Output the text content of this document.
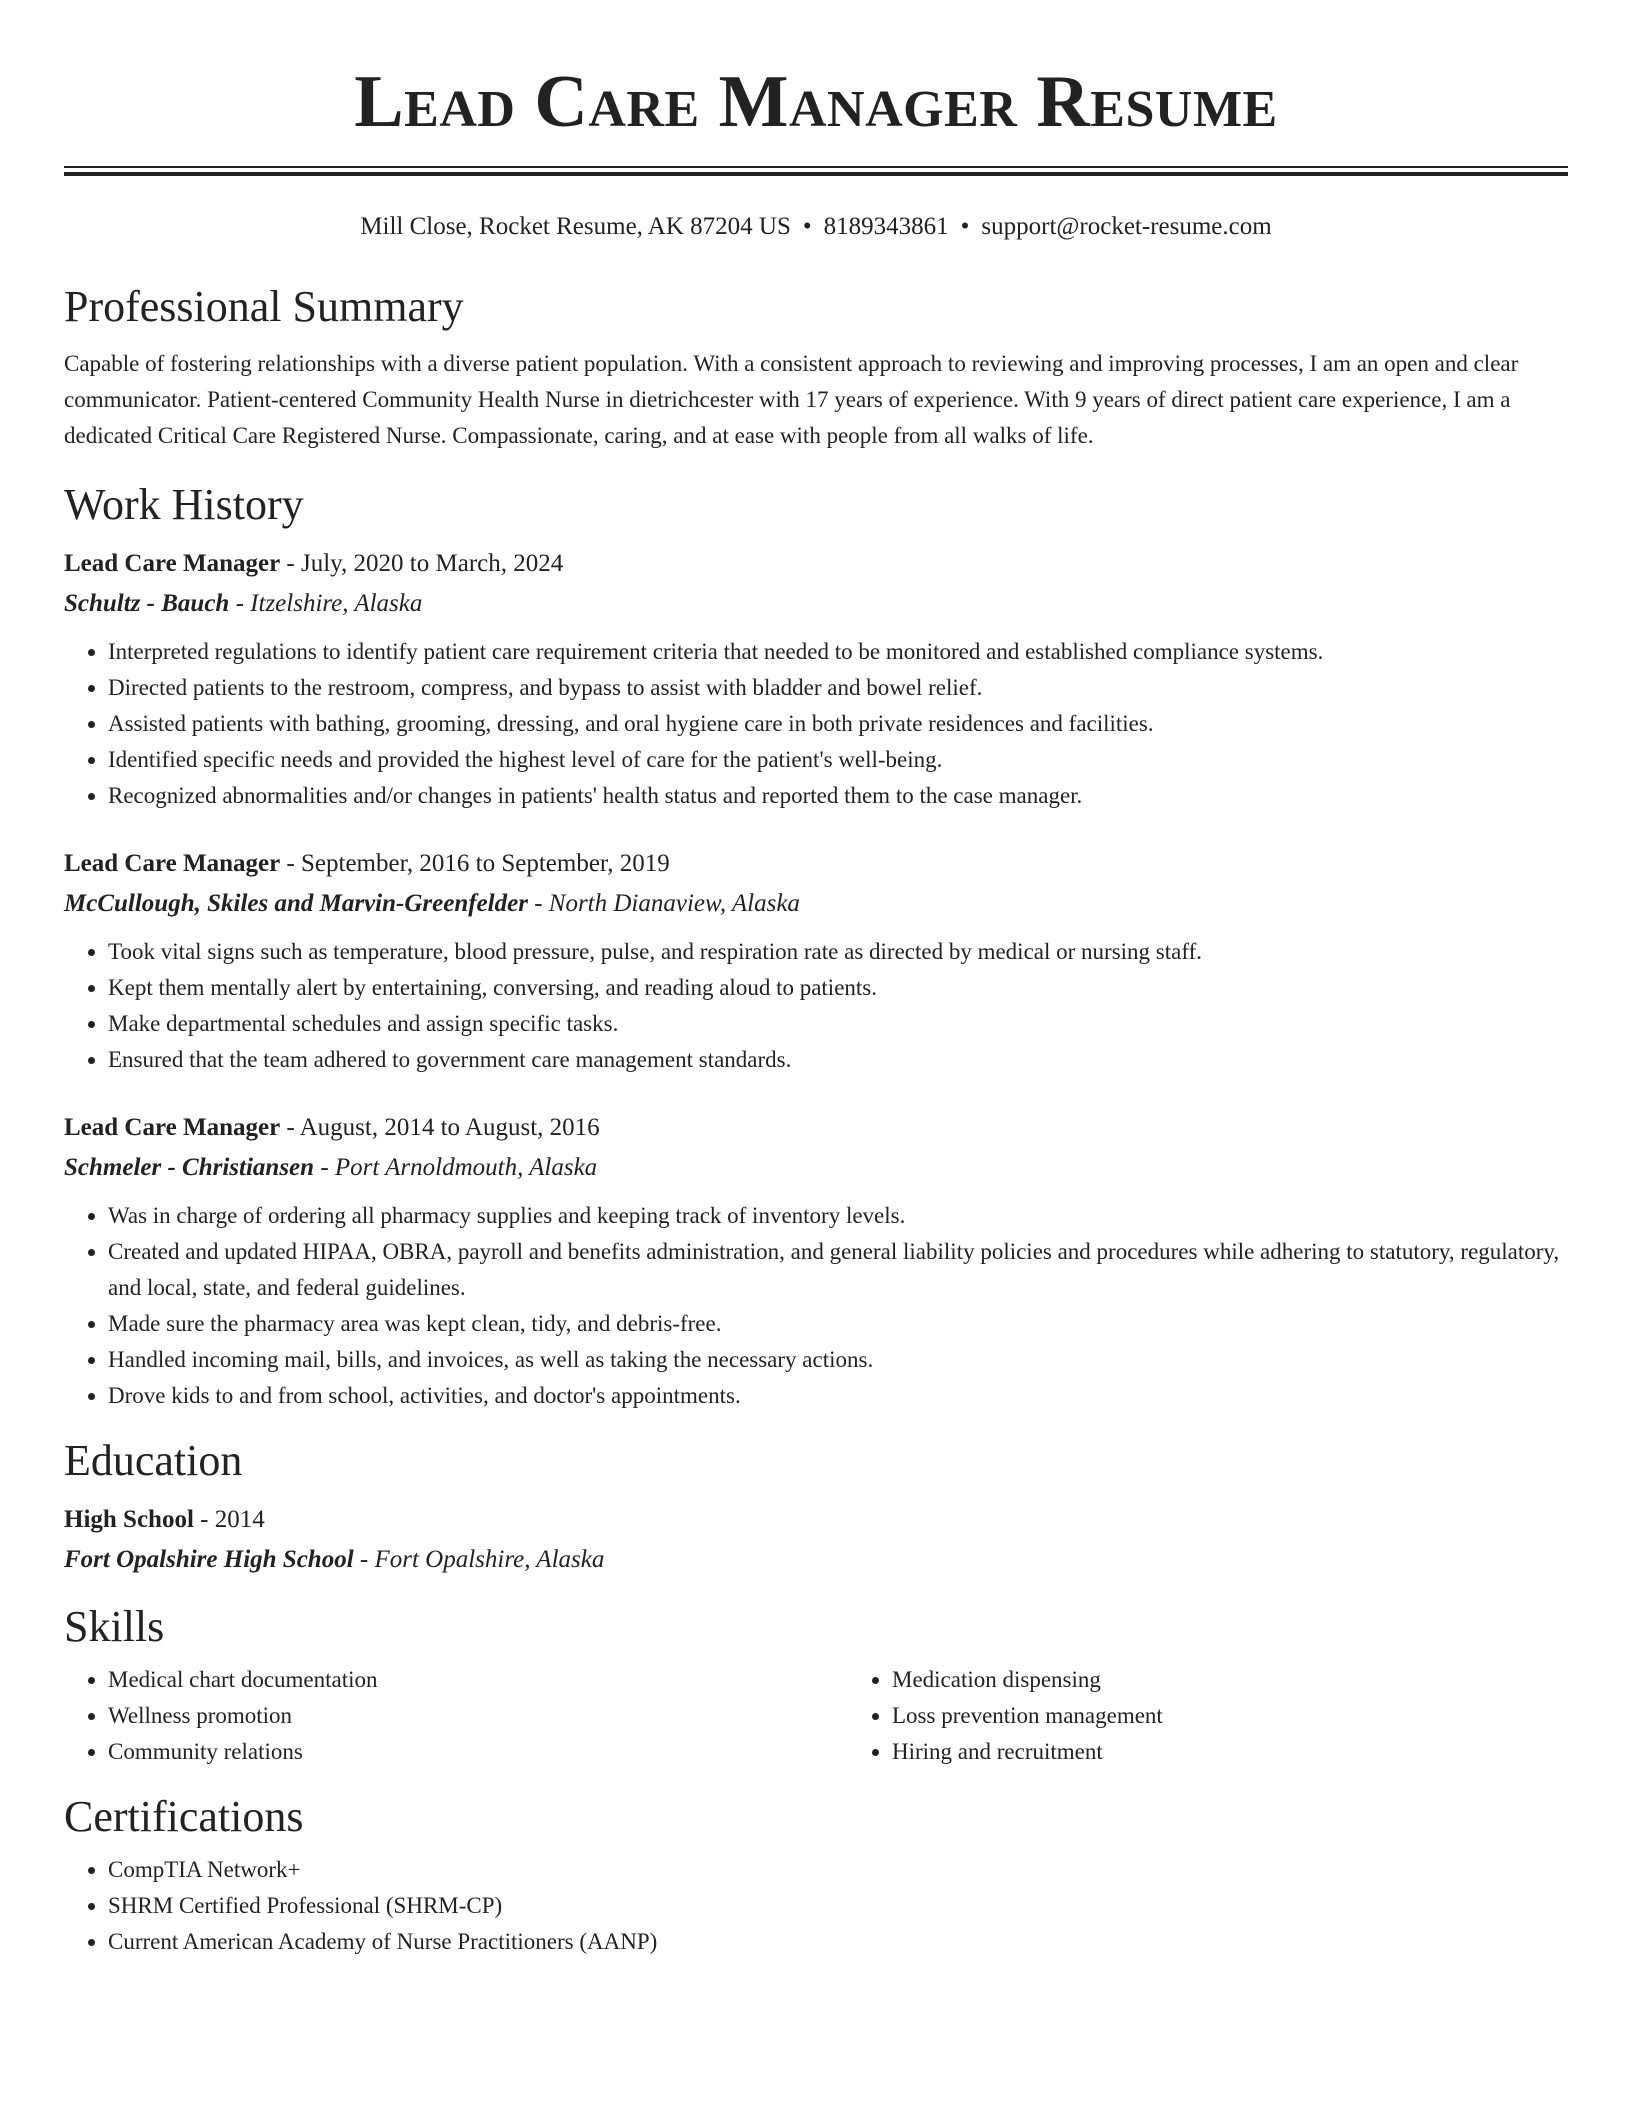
Lead Care Manager Resume
Mill Close, Rocket Resume, AK 87204 US • 8189343861 • support@rocket-resume.com
Professional Summary
Capable of fostering relationships with a diverse patient population. With a consistent approach to reviewing and improving processes, I am an open and clear communicator. Patient-centered Community Health Nurse in dietrichcester with 17 years of experience. With 9 years of direct patient care experience, I am a dedicated Critical Care Registered Nurse. Compassionate, caring, and at ease with people from all walks of life.
Work History
Lead Care Manager - July, 2020 to March, 2024
Schultz - Bauch - Itzelshire, Alaska
• Interpreted regulations to identify patient care requirement criteria that needed to be monitored and established compliance systems.
• Directed patients to the restroom, compress, and bypass to assist with bladder and bowel relief.
• Assisted patients with bathing, grooming, dressing, and oral hygiene care in both private residences and facilities.
• Identified specific needs and provided the highest level of care for the patient's well-being.
• Recognized abnormalities and/or changes in patients' health status and reported them to the case manager.
Lead Care Manager - September, 2016 to September, 2019
McCullough, Skiles and Marvin-Greenfelder - North Dianaview, Alaska
• Took vital signs such as temperature, blood pressure, pulse, and respiration rate as directed by medical or nursing staff.
• Kept them mentally alert by entertaining, conversing, and reading aloud to patients.
• Make departmental schedules and assign specific tasks.
• Ensured that the team adhered to government care management standards.
Lead Care Manager - August, 2014 to August, 2016
Schmeler - Christiansen - Port Arnoldmouth, Alaska
• Was in charge of ordering all pharmacy supplies and keeping track of inventory levels.
• Created and updated HIPAA, OBRA, payroll and benefits administration, and general liability policies and procedures while adhering to statutory, regulatory, and local, state, and federal guidelines.
• Made sure the pharmacy area was kept clean, tidy, and debris-free.
• Handled incoming mail, bills, and invoices, as well as taking the necessary actions.
• Drove kids to and from school, activities, and doctor's appointments.
Education
High School - 2014
Fort Opalshire High School - Fort Opalshire, Alaska
Skills
• Medical chart documentation
• Wellness promotion
• Community relations
• Medication dispensing
• Loss prevention management
• Hiring and recruitment
Certifications
• CompTIA Network+
• SHRM Certified Professional (SHRM-CP)
• Current American Academy of Nurse Practitioners (AANP)
